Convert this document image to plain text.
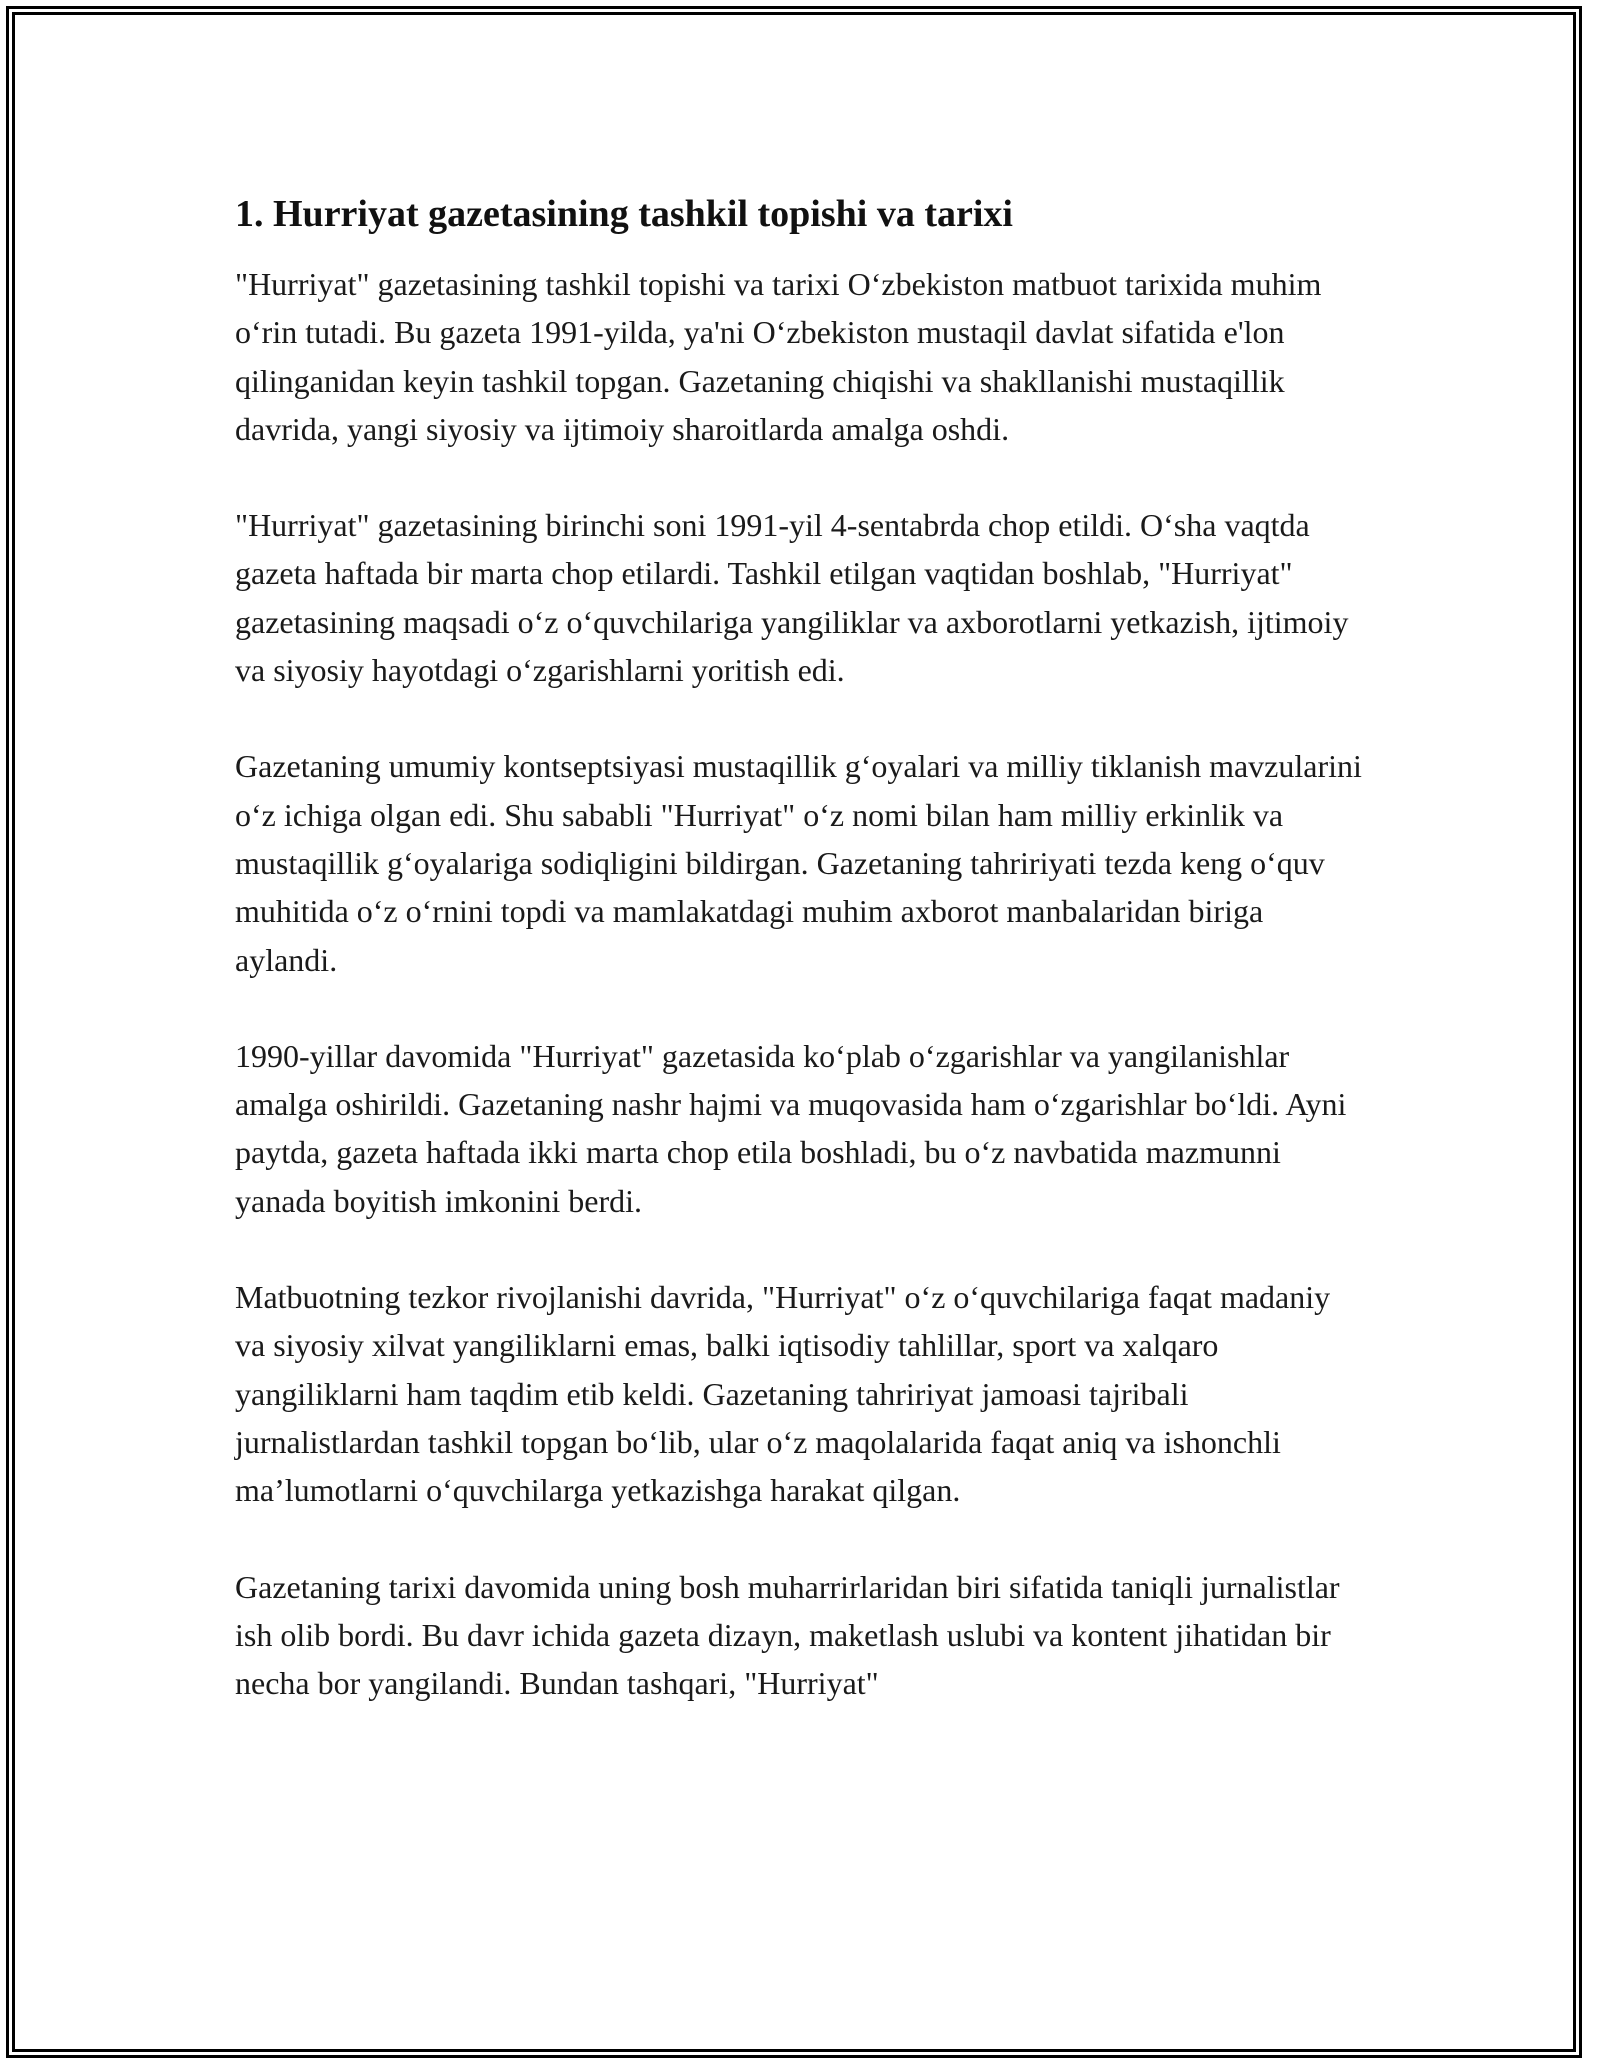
1. Hurriyat gazetasining tashkil topishi va tarixi

"Hurriyat" gazetasining tashkil topishi va tarixi O‘zbekiston matbuot tarixida muhim o‘rin tutadi. Bu gazeta 1991-yilda, ya'ni O‘zbekiston mustaqil davlat sifatida e'lon qilinganidan keyin tashkil topgan. Gazetaning chiqishi va shakllanishi mustaqillik davrida, yangi siyosiy va ijtimoiy sharoitlarda amalga oshdi.

"Hurriyat" gazetasining birinchi soni 1991-yil 4-sentabrda chop etildi. O‘sha vaqtda gazeta haftada bir marta chop etilardi. Tashkil etilgan vaqtidan boshlab, "Hurriyat" gazetasining maqsadi o‘z o‘quvchilariga yangiliklar va axborotlarni yetkazish, ijtimoiy va siyosiy hayotdagi o‘zgarishlarni yoritish edi.

Gazetaning umumiy kontseptsiyasi mustaqillik g‘oyalari va milliy tiklanish mavzularini o‘z ichiga olgan edi. Shu sababli "Hurriyat" o‘z nomi bilan ham milliy erkinlik va mustaqillik g‘oyalariga sodiqligini bildirgan. Gazetaning tahririyati tezda keng o‘quv muhitida o‘z o‘rnini topdi va mamlakatdagi muhim axborot manbalaridan biriga aylandi.

1990-yillar davomida "Hurriyat" gazetasida ko‘plab o‘zgarishlar va yangilanishlar amalga oshirildi. Gazetaning nashr hajmi va muqovasida ham o‘zgarishlar bo‘ldi. Ayni paytda, gazeta haftada ikki marta chop etila boshladi, bu o‘z navbatida mazmunni yanada boyitish imkonini berdi.

Matbuotning tezkor rivojlanishi davrida, "Hurriyat" o‘z o‘quvchilariga faqat madaniy va siyosiy xilvat yangiliklarni emas, balki iqtisodiy tahlillar, sport va xalqaro yangiliklarni ham taqdim etib keldi. Gazetaning tahririyat jamoasi tajribali jurnalistlardan tashkil topgan bo‘lib, ular o‘z maqolalarida faqat aniq va ishonchli ma’lumotlarni o‘quvchilarga yetkazishga harakat qilgan.

Gazetaning tarixi davomida uning bosh muharrirlaridan biri sifatida taniqli jurnalistlar ish olib bordi. Bu davr ichida gazeta dizayn, maketlash uslubi va kontent jihatidan bir necha bor yangilandi. Bundan tashqari, "Hurriyat"
